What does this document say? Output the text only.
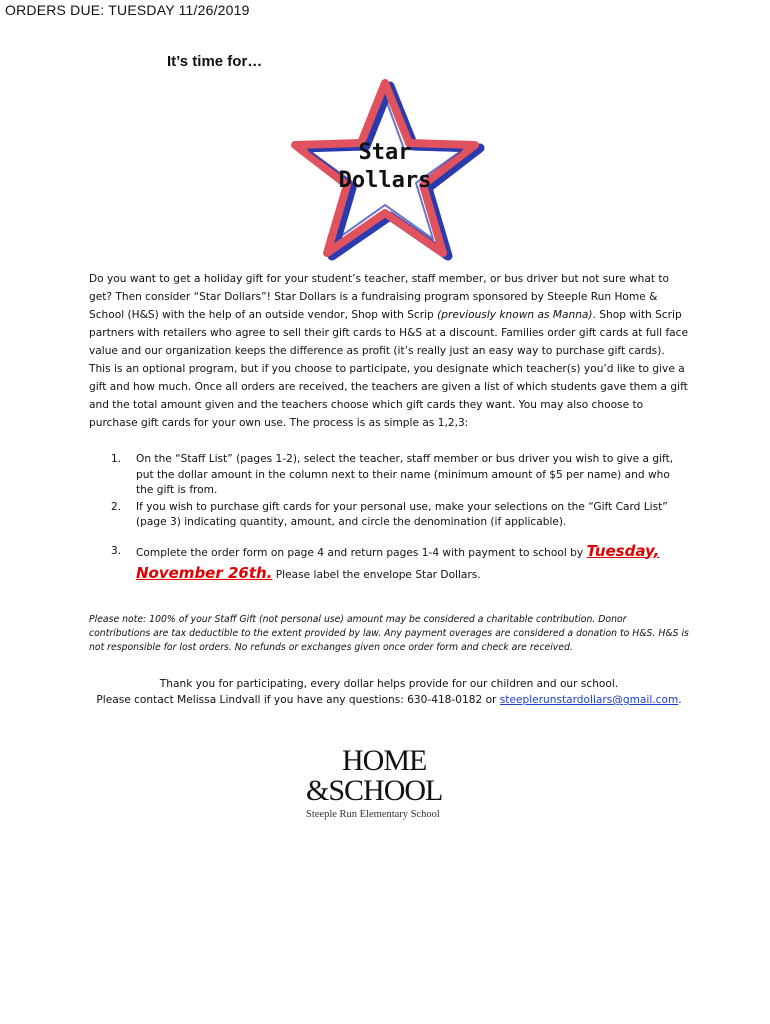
ORDERS DUE: TUESDAY 11/26/2019
It’s time for…
Star
Dollars

Do you want to get a holiday gift for your student’s teacher, staff member, or bus driver but not sure what to get? Then consider “Star Dollars”! Star Dollars is a fundraising program sponsored by Steeple Run Home & School (H&S) with the help of an outside vendor, Shop with Scrip (previously known as Manna). Shop with Scrip partners with retailers who agree to sell their gift cards to H&S at a discount. Families order gift cards at full face value and our organization keeps the difference as profit (it’s really just an easy way to purchase gift cards). This is an optional program, but if you choose to participate, you designate which teacher(s) you’d like to give a gift and how much. Once all orders are received, the teachers are given a list of which students gave them a gift and the total amount given and the teachers choose which gift cards they want. You may also choose to purchase gift cards for your own use. The process is as simple as 1,2,3:

1. On the “Staff List” (pages 1-2), select the teacher, staff member or bus driver you wish to give a gift, put the dollar amount in the column next to their name (minimum amount of $5 per name) and who the gift is from.
2. If you wish to purchase gift cards for your personal use, make your selections on the “Gift Card List” (page 3) indicating quantity, amount, and circle the denomination (if applicable).
3. Complete the order form on page 4 and return pages 1-4 with payment to school by Tuesday,
November 26th. Please label the envelope Star Dollars.
Please note: 100% of your Staff Gift (not personal use) amount may be considered a charitable contribution. Donor contributions are tax deductible to the extent provided by law. Any payment overages are considered a donation to H&S. H&S is not responsible for lost orders. No refunds or exchanges given once order form and check are received.
Thank you for participating, every dollar helps provide for our children and our school.
Please contact Melissa Lindvall if you have any questions: 630-418-0182 or steeplerunstardollars@gmail.com.
HOME
&SCHOOL
Steeple Run Elementary School
